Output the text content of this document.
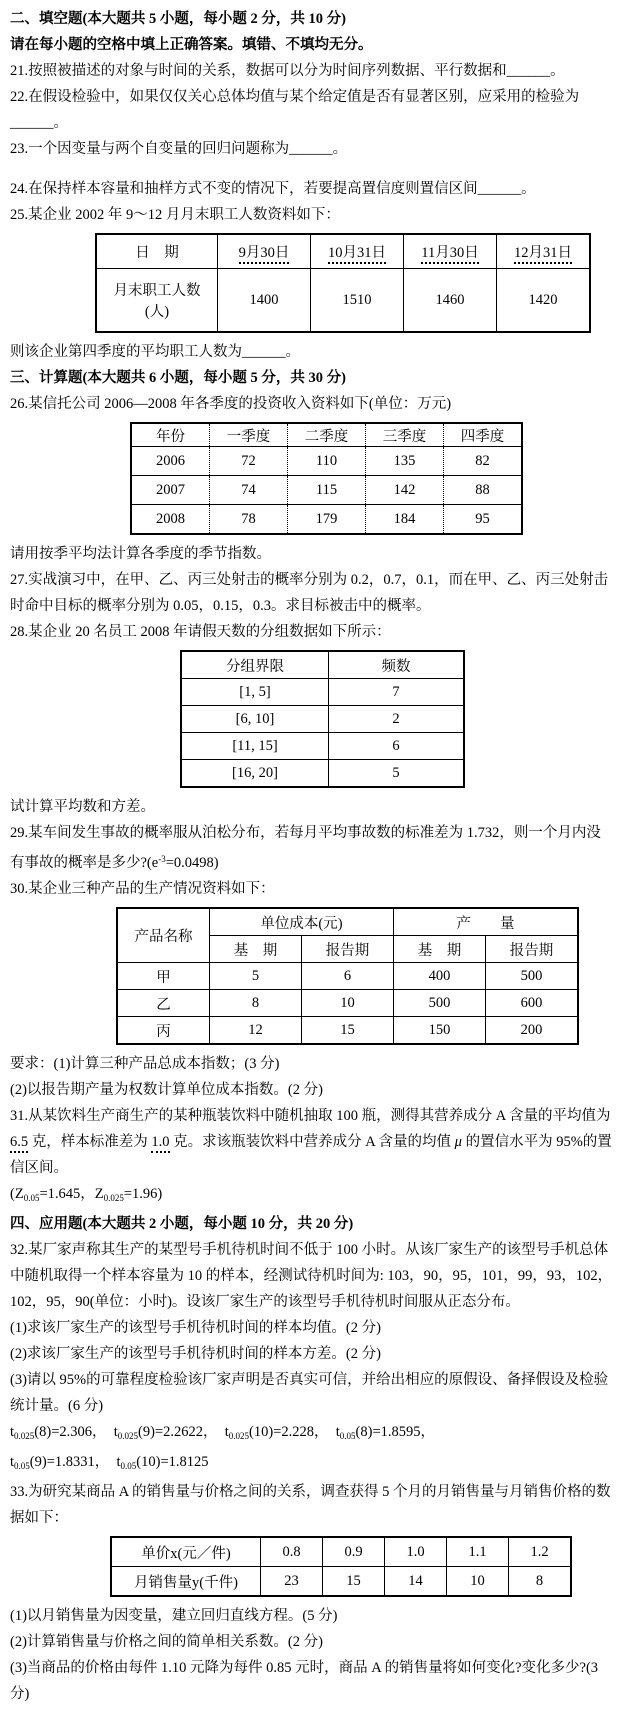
二、填空题(本大题共 5 小题，每小题 2 分，共 10 分)

请在每小题的空格中填上正确答案。填错、不填均无分。

21.按照被描述的对象与时间的关系，数据可以分为时间序列数据、平行数据和______。

22.在假设检验中，如果仅仅关心总体均值与某个给定值是否有显著区别，应采用的检验为______。

23.一个因变量与两个自变量的回归问题称为______。

24.在保持样本容量和抽样方式不变的情况下，若要提高置信度则置信区间______。

25.某企业 2002 年 9～12 月月末职工人数资料如下：

日　期	9月30日	10月31日	11月30日	12月31日

月末职工人数
(人)	1400	1510	1460	1420

则该企业第四季度的平均职工人数为______。

三、计算题(本大题共 6 小题，每小题 5 分，共 30 分)

26.某信托公司 2006—2008 年各季度的投资收入资料如下(单位：万元)

年份	一季度	二季度	三季度	四季度
2006	72	110	135	82
2007	74	115	142	88
2008	78	179	184	95

请用按季平均法计算各季度的季节指数。

27.实战演习中，在甲、乙、丙三处射击的概率分别为 0.2，0.7，0.1，而在甲、乙、丙三处射击时命中目标的概率分别为 0.05，0.15，0.3。求目标被击中的概率。

28.某企业 20 名员工 2008 年请假天数的分组数据如下所示：

分组界限	频数
[1, 5]	7
[6, 10]	2
[11, 15]	6
[16, 20]	5

试计算平均数和方差。

29.某车间发生事故的概率服从泊松分布，若每月平均事故数的标准差为 1.732，则一个月内没有事故的概率是多少$?(e^{-3}=0.0498)$

30.某企业三种产品的生产情况资料如下：

产品名称	单位成本(元)		产　　量	
	基　期	报告期	基　期	报告期
甲	5	6	400	500
乙	8	10	500	600
丙	12	15	150	200

要求：(1)计算三种产品总成本指数；(3 分)

(2)以报告期产量为权数计算单位成本指数。(2 分)

31.从某饮料生产商生产的某种瓶装饮料中随机抽取 100 瓶，测得其营养成分 A 含量的平均值为 6.5 克，样本标准差为 1.0 克。求该瓶装饮料中营养成分 A 含量的均值 μ 的置信水平为 95%的置信区间。

($Z_{0.05}=1.645$，$Z_{0.025}=1.96$)

四、应用题(本大题共 2 小题，每小题 10 分，共 20 分)

32.某厂家声称其生产的某型号手机待机时间不低于 100 小时。从该厂家生产的该型号手机总体中随机取得一个样本容量为 10 的样本，经测试待机时间为: 103，90，95，101，99，93，102，102，95，90(单位：小时)。设该厂家生产的该型号手机待机时间服从正态分布。

(1)求该厂家生产的该型号手机待机时间的样本均值。(2 分)

(2)求该厂家生产的该型号手机待机时间的样本方差。(2 分)

(3)请以 95%的可靠程度检验该厂家声明是否真实可信，并给出相应的原假设、备择假设及检验统计量。(6 分)

$t_{0.025}(8)=2.306$，　$t_{0.025}(9)=2.2622$，　$t_{0.025}(10)=2.228$，　$t_{0.05}(8)=1.8595$，

$t_{0.05}(9)=1.8331$，　$t_{0.05}(10)=1.8125$

33.为研究某商品 A 的销售量与价格之间的关系，调查获得 5 个月的月销售量与月销售价格的数据如下：

单价x(元／件)	0.8	0.9	1.0	1.1	1.2
月销售量y(千件)	23	15	14	10	8

(1)以月销售量为因变量，建立回归直线方程。(5 分)

(2)计算销售量与价格之间的简单相关系数。(2 分)

(3)当商品的价格由每件 1.10 元降为每件 0.85 元时，商品 A 的销售量将如何变化?变化多少?(3 分)
